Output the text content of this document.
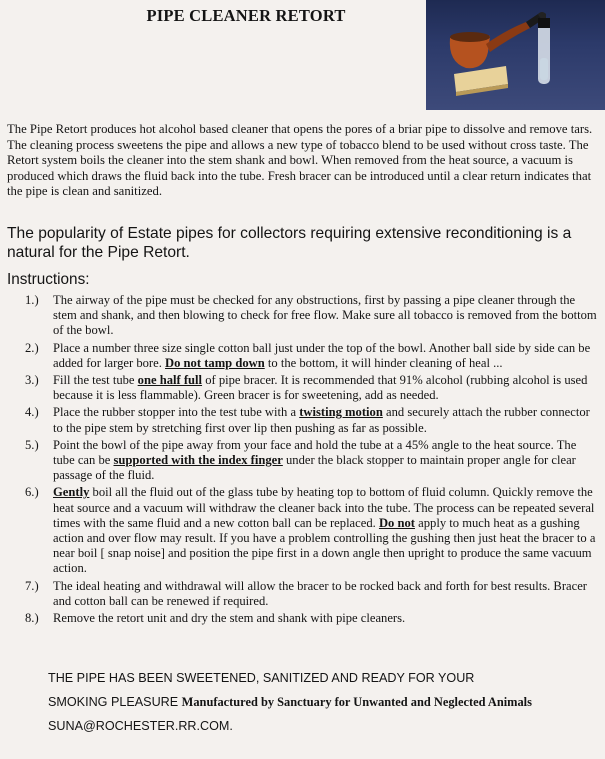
PIPE CLEANER RETORT

The Pipe Retort produces hot alcohol based cleaner that opens the pores of a briar pipe to dissolve and remove tars. The cleaning process sweetens the pipe and allows a new type of tobacco blend to be used without cross taste. The Retort system boils the cleaner into the stem shank and bowl. When removed from the heat source, a vacuum is produced which draws the fluid back into the tube. Fresh bracer can be introduced until a clear return indicates that the pipe is clean and sanitized.

The popularity of Estate pipes for collectors requiring extensive reconditioning is a natural for the Pipe Retort.

Instructions:

1.) The airway of the pipe must be checked for any obstructions, first by passing a pipe cleaner through the stem and shank, and then blowing to check for free flow. Make sure all tobacco is removed from the bottom of the bowl.
2.) Place a number three size single cotton ball just under the top of the bowl. Another ball side by side can be added for larger bore. Do not tamp down to the bottom, it will hinder cleaning of heal ...
3.) Fill the test tube one half full of pipe bracer. It is recommended that 91% alcohol (rubbing alcohol is used because it is less flammable). Green bracer is for sweetening, add as needed.
4.) Place the rubber stopper into the test tube with a twisting motion and securely attach the rubber connector to the pipe stem by stretching first over lip then pushing as far as possible.
5.) Point the bowl of the pipe away from your face and hold the tube at a 45% angle to the heat source. The tube can be supported with the index finger under the black stopper to maintain proper angle for clear passage of the fluid.
6.) Gently boil all the fluid out of the glass tube by heating top to bottom of fluid column. Quickly remove the heat source and a vacuum will withdraw the cleaner back into the tube. The process can be repeated several times with the same fluid and a new cotton ball can be replaced. Do not apply to much heat as a gushing action and over flow may result. If you have a problem controlling the gushing then just heat the bracer to a near boil [ snap noise] and position the pipe first in a down angle then upright to produce the same vacuum action.
7.) The ideal heating and withdrawal will allow the bracer to be rocked back and forth for best results. Bracer and cotton ball can be renewed if required.
8.) Remove the retort unit and dry the stem and shank with pipe cleaners.
THE PIPE HAS BEEN SWEETENED, SANITIZED AND READY FOR YOUR
SMOKING PLEASURE Manufactured by Sanctuary for Unwanted and Neglected Animals
SUNA@ROCHESTER.RR.COM.
